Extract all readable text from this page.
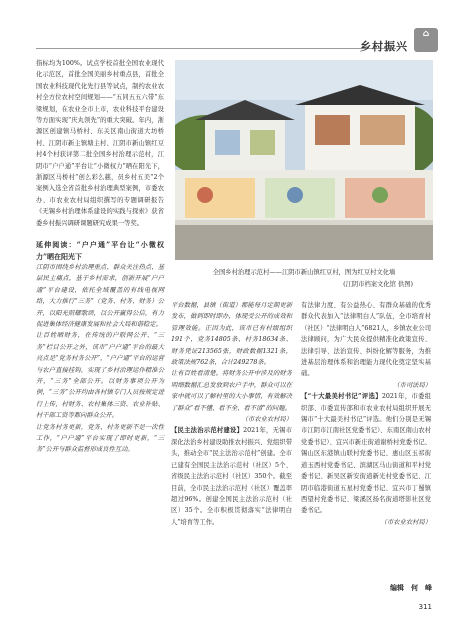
乡村振兴
⌂

指标均为100%。试点学校首批全国农业现代化示范区，首批全国美丽乡村重点县，首批全国农业科技现代化先行县等试点，制约农业农村全方位农村空间规划——“五同五五六带”东梁规划，在农业全市上市，农业科技平台建设等方面实现“庆丸领先”的重大突破。年内，浙源区创建镇马桥村、东关区南山街道大坊桥村、江阴市新主镇塘主村、江阴市新山镇红豆村4个村获评第二批全国乡村治理示范村，江阴市“户户通”平台让“小微权力”晒在阳光下，浙源区马桥村“创么彩么慈，员乡村五美”2个案例入选全省首批乡村治理典型案例，市委农办、市农业农村局组织撰写的专题调研报告《无锡乡村治理体系建设的实践与探索》获省委乡村振兴调研课题研究成果一等奖。

延伸阅读：“户户通”平台让“小微权力”晒在阳光下

江阴市围绕乡村治理重点、群众关注热点、基层民主痛点，基于乡村需求，创新开展“户户通”平台建设，依托全域覆盖的有线电视网络，大力推行“三务”（党务、村务、财务）公开，以阳光照耀歌颂，以公开赢得公信，有力促进集体经济健康发展和社会大局和谐稳定。

让百姓晒财务，在传统的户联网公开、“三务”栏目公开之外，该市“户户通”平台的最大亮点是“党务村务公开”，“户户通”平台的运营与农户直接挂钩，实现了乡村治理运作精准公开，“三务”全部公开。以财务事项公开为例，“三务”公开均由各村镇专门人员按规定进行上传，村财务、农村集体三资、农业补贴、村干部工资等都向群众公开。

让党务村务更新，党务、村务更新不是一次性工作，“户户通”平台实现了即时更新，“三务”公开与群众监督形成良性互动。

全国乡村治理示范村——江阴市新山镇红豆村，图为红豆村文化墙
(江阴市档案文化馆 供图)

平台数据，县镇（街道）都能每月定期更新发布，做到即时即办，体现受公开的成效和管理效能。正因为此，该市已有村级组织191个、党务14805条、村务18634条、财务凭证213565张，财政数据1321条，政策法规762条，合计249278条。

让有百姓看清楚。将财务公开中涉及的财务明细数据汇总发放到农户手中，群众可以在家中就可以了解村里的大小事情，有效解决了群众“看不懂、看不全、看不清”的问题。

（市农业农村局）

【民主法治示范村建设】2021年，无锡市深化法治乡村建设助推农村振兴、党组织带头，推动全市“民主法治示范村”创建。全市已建有全国民主法治示范村（社区）5个、省级民主法治示范村（社区）350个。截至目前，全市民主法治示范村（社区）覆盖率超过96%。创建全国民主法治示范村（社区）35个。全市积极贯彻落实“法律明白人”培育等工作。

有法律力度、有公益热心、有群众基础的优秀群众代表加入“法律明白人”队伍，全市培育村（社区）“法律明白人”6821人，乡镇农业公司法律顾问，为广大民众提供精准化政策宣传、法律引导、法治宣传、纠纷化解等服务，为推进基层治理体系和治理能力现代化奠定坚实基础。

（市司法局）

【“十大最美村书记”评选】2021年，市委组织部、市委宣传部和市农业农村局组织开展无锡市“十大最美村书记”评选。他们分别是无锡市江阴市江南社区党委书记）、东南区南山农村党委书记）、宜兴市新庄街道谢桥村党委书记、锡山区东港镇山联村党委书记、惠山区玉祁街道玉西村党委书记、滨湖区马山街道和平村党委书记、新吴区新安街道新光村党委书记、江阴市临港街道五星村党委书记、宜兴市丁蜀镇西望村党委书记、梁溪区扬名街道塔影社区党委书记。

（市农业农村局）

编辑　何　峰
311
